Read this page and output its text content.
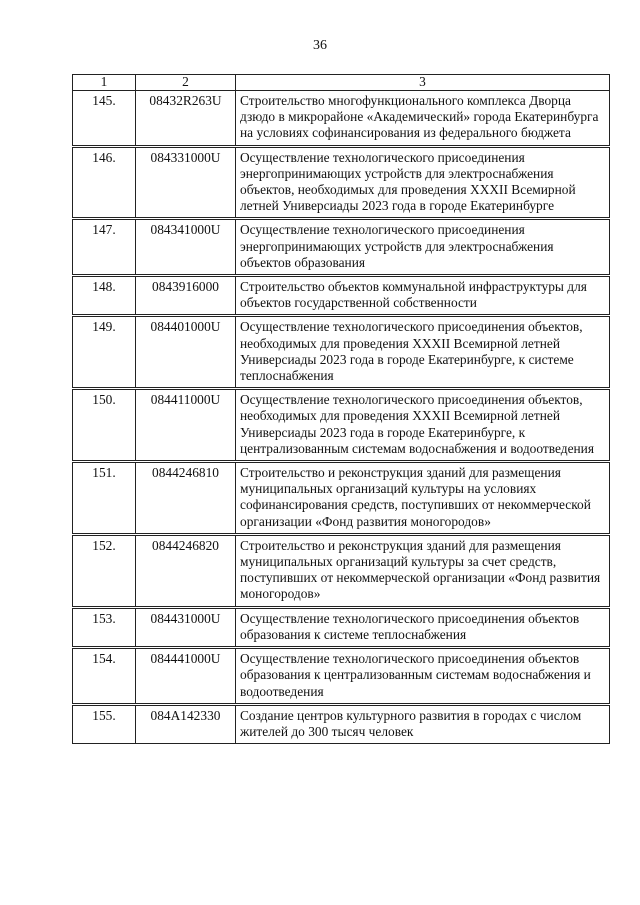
36
1	2	3
145.	08432R263U	Строительство многофункционального комплекса Дворца дзюдо в микрорайоне «Академический» города Екатеринбурга на условиях софинансирования из федерального бюджета
146.	084331000U	Осуществление технологического присоединения энергопринимающих устройств для электроснабжения объектов, необходимых для проведения XXXII Всемирной летней Универсиады 2023 года в городе Екатеринбурге
147.	084341000U	Осуществление технологического присоединения энергопринимающих устройств для электроснабжения объектов образования
148.	0843916000	Строительство объектов коммунальной инфраструктуры для объектов государственной собственности
149.	084401000U	Осуществление технологического присоединения объектов, необходимых для проведения XXXII Всемирной летней Универсиады 2023 года в городе Екатеринбурге, к системе теплоснабжения
150.	084411000U	Осуществление технологического присоединения объектов, необходимых для проведения XXXII Всемирной летней Универсиады 2023 года в городе Екатеринбурге, к централизованным системам водоснабжения и водоотведения
151.	0844246810	Строительство и реконструкция зданий для размещения муниципальных организаций культуры на условиях софинансирования средств, поступивших от некоммерческой организации «Фонд развития моногородов»
152.	0844246820	Строительство и реконструкция зданий для размещения муниципальных организаций культуры за счет средств, поступивших от некоммерческой организации «Фонд развития моногородов»
153.	084431000U	Осуществление технологического присоединения объектов образования к системе теплоснабжения
154.	084441000U	Осуществление технологического присоединения объектов образования к централизованным системам водоснабжения и водоотведения
155.	084A142330	Создание центров культурного развития в городах с числом жителей до 300 тысяч человек
